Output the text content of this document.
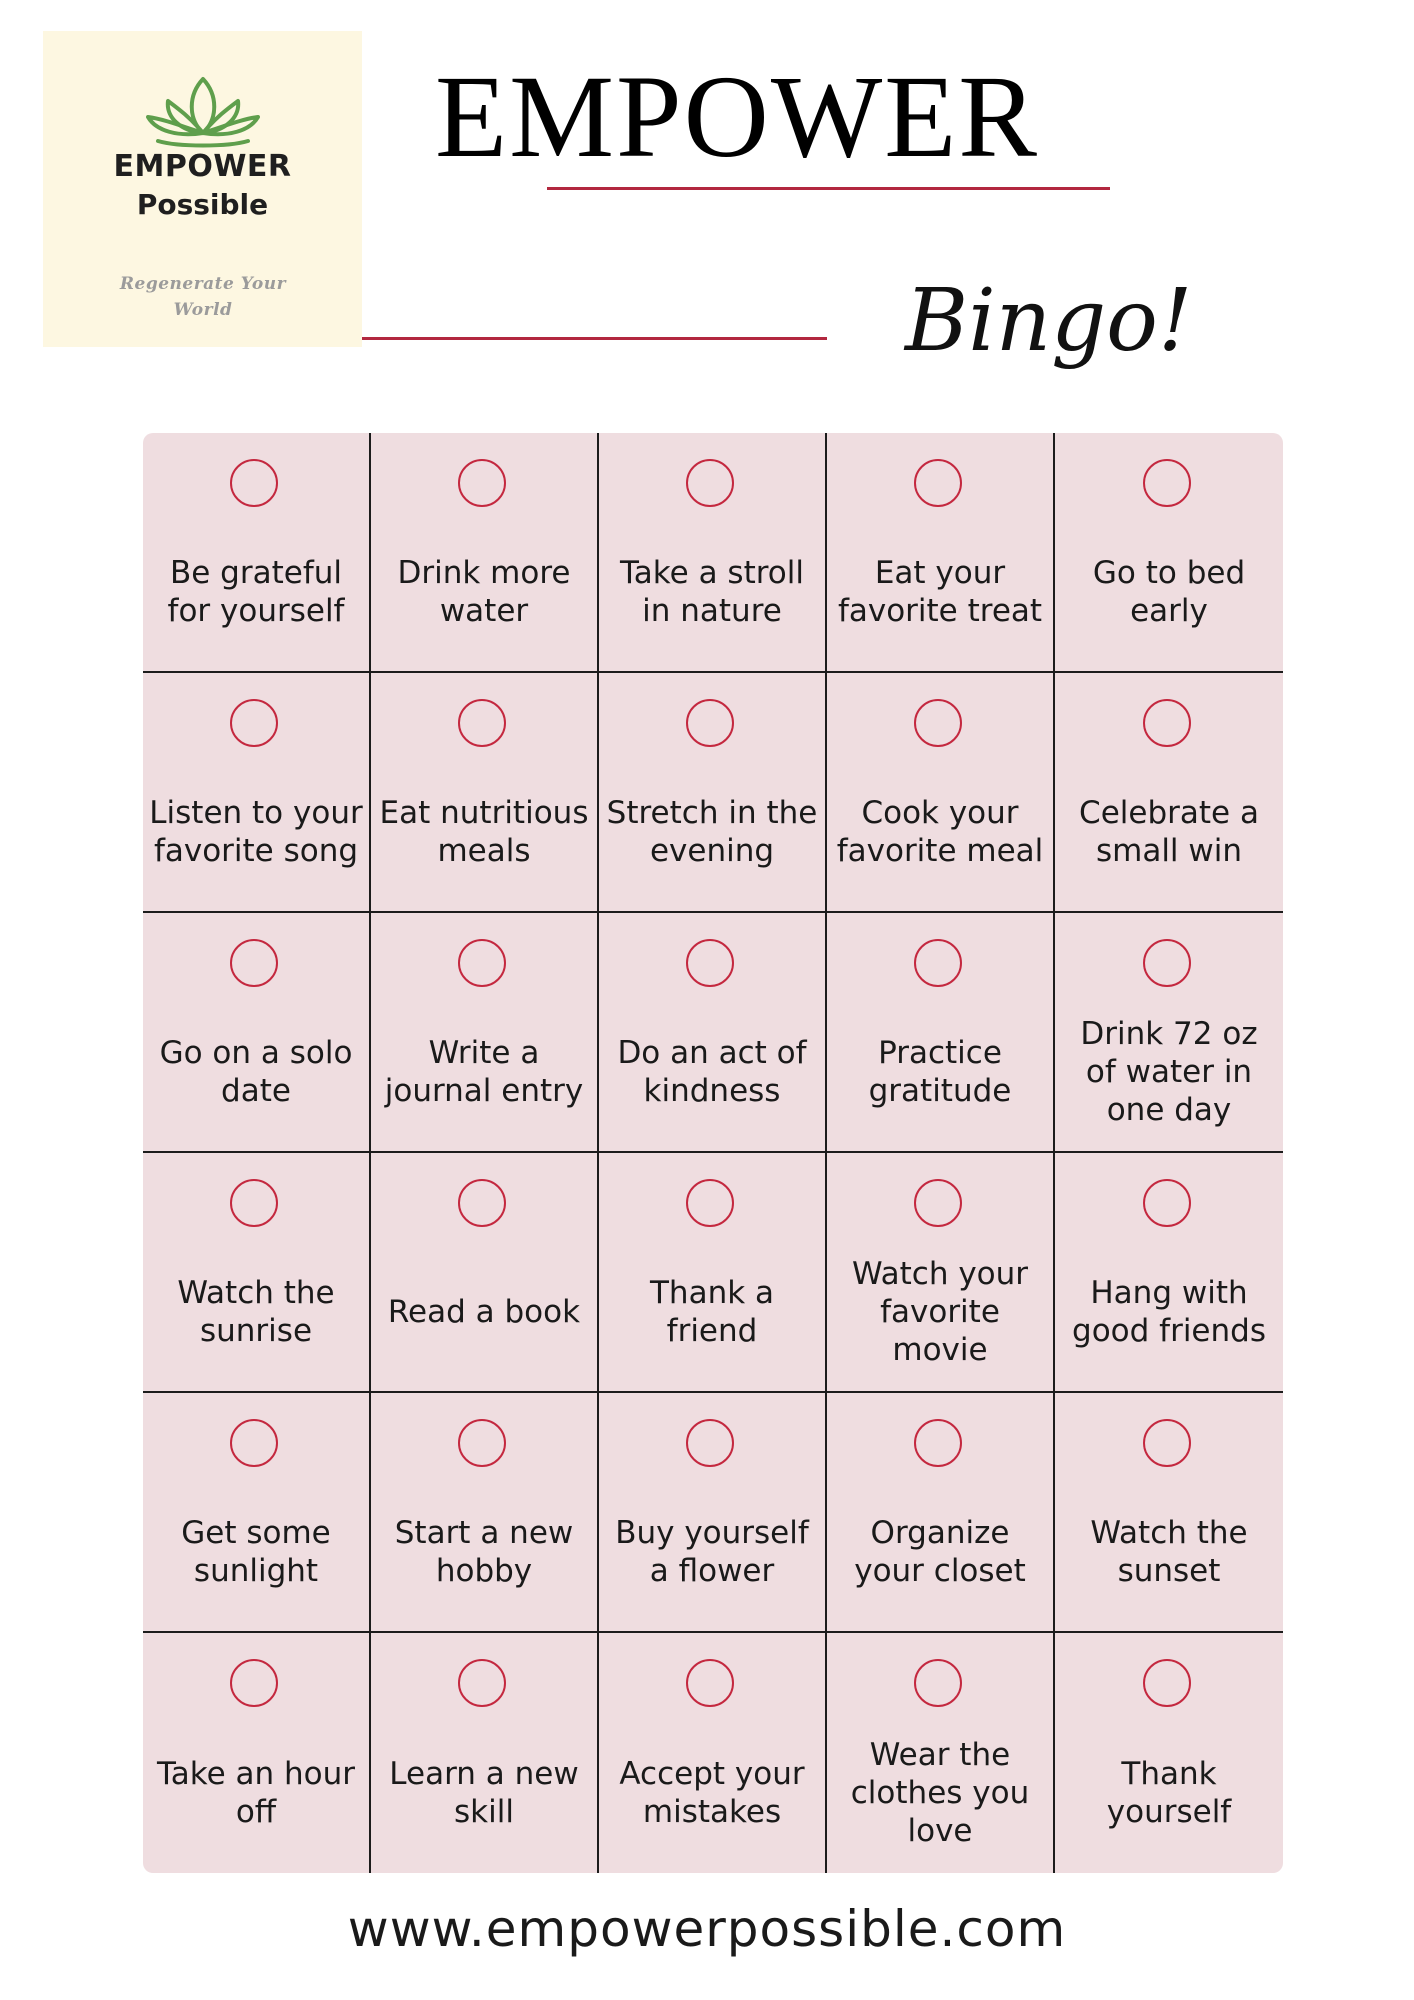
EMPOWER
Possible
Regenerate Your World
EMPOWER
Bingo!
Be grateful for yourself
Drink more water
Take a stroll in nature
Eat your favorite treat
Go to bed early
Listen to your favorite song
Eat nutritious meals
Stretch in the evening
Cook your favorite meal
Celebrate a small win
Go on a solo date
Write a journal entry
Do an act of kindness
Practice gratitude
Drink 72 oz of water in one day
Watch the sunrise
Read a book
Thank a friend
Watch your favorite movie
Hang with good friends
Get some sunlight
Start a new hobby
Buy yourself a flower
Organize your closet
Watch the sunset
Take an hour off
Learn a new skill
Accept your mistakes
Wear the clothes you love
Thank yourself
www.empowerpossible.com
